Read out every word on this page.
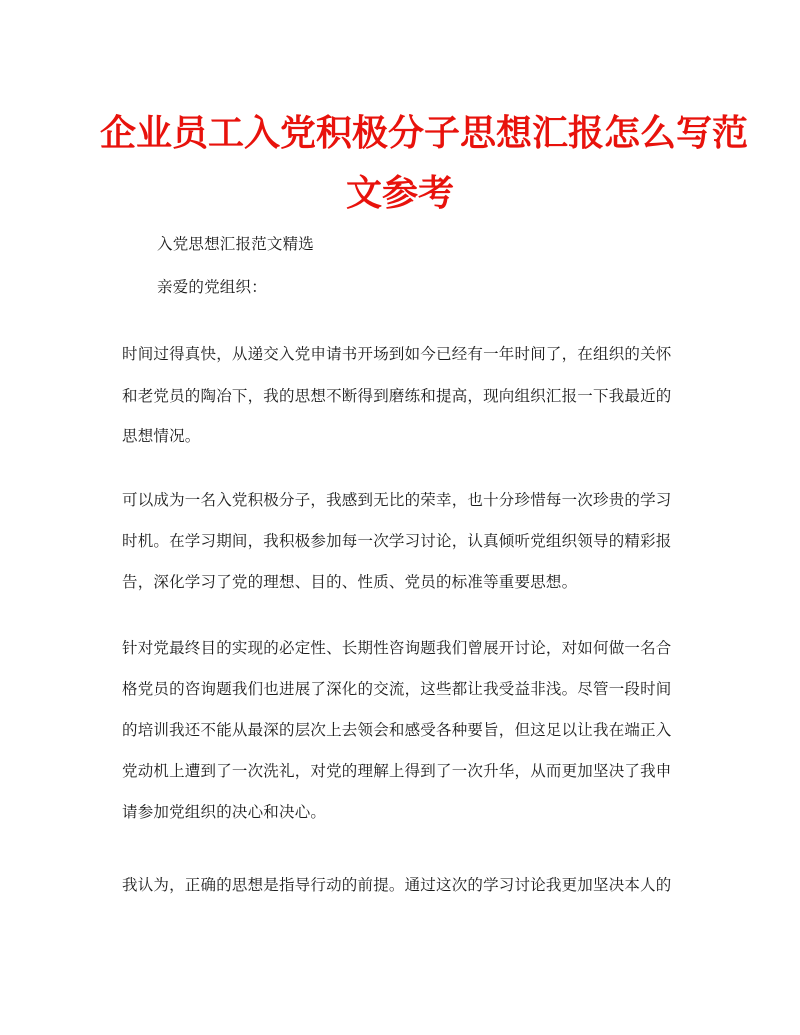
企业员工入党积极分子思想汇报怎么写范
文参考
入党思想汇报范文精选
亲爱的党组织：
时间过得真快，从递交入党申请书开场到如今已经有一年时间了，在组织的关怀
和老党员的陶冶下，我的思想不断得到磨练和提高，现向组织汇报一下我最近的
思想情况。
可以成为一名入党积极分子，我感到无比的荣幸，也十分珍惜每一次珍贵的学习
时机。在学习期间，我积极参加每一次学习讨论，认真倾听党组织领导的精彩报
告，深化学习了党的理想、目的、性质、党员的标准等重要思想。
针对党最终目的实现的必定性、长期性咨询题我们曾展开讨论，对如何做一名合
格党员的咨询题我们也进展了深化的交流，这些都让我受益非浅。尽管一段时间
的培训我还不能从最深的层次上去领会和感受各种要旨，但这足以让我在端正入
党动机上遭到了一次洗礼，对党的理解上得到了一次升华，从而更加坚决了我申
请参加党组织的决心和决心。
我认为，正确的思想是指导行动的前提。通过这次的学习讨论我更加坚决本人的
